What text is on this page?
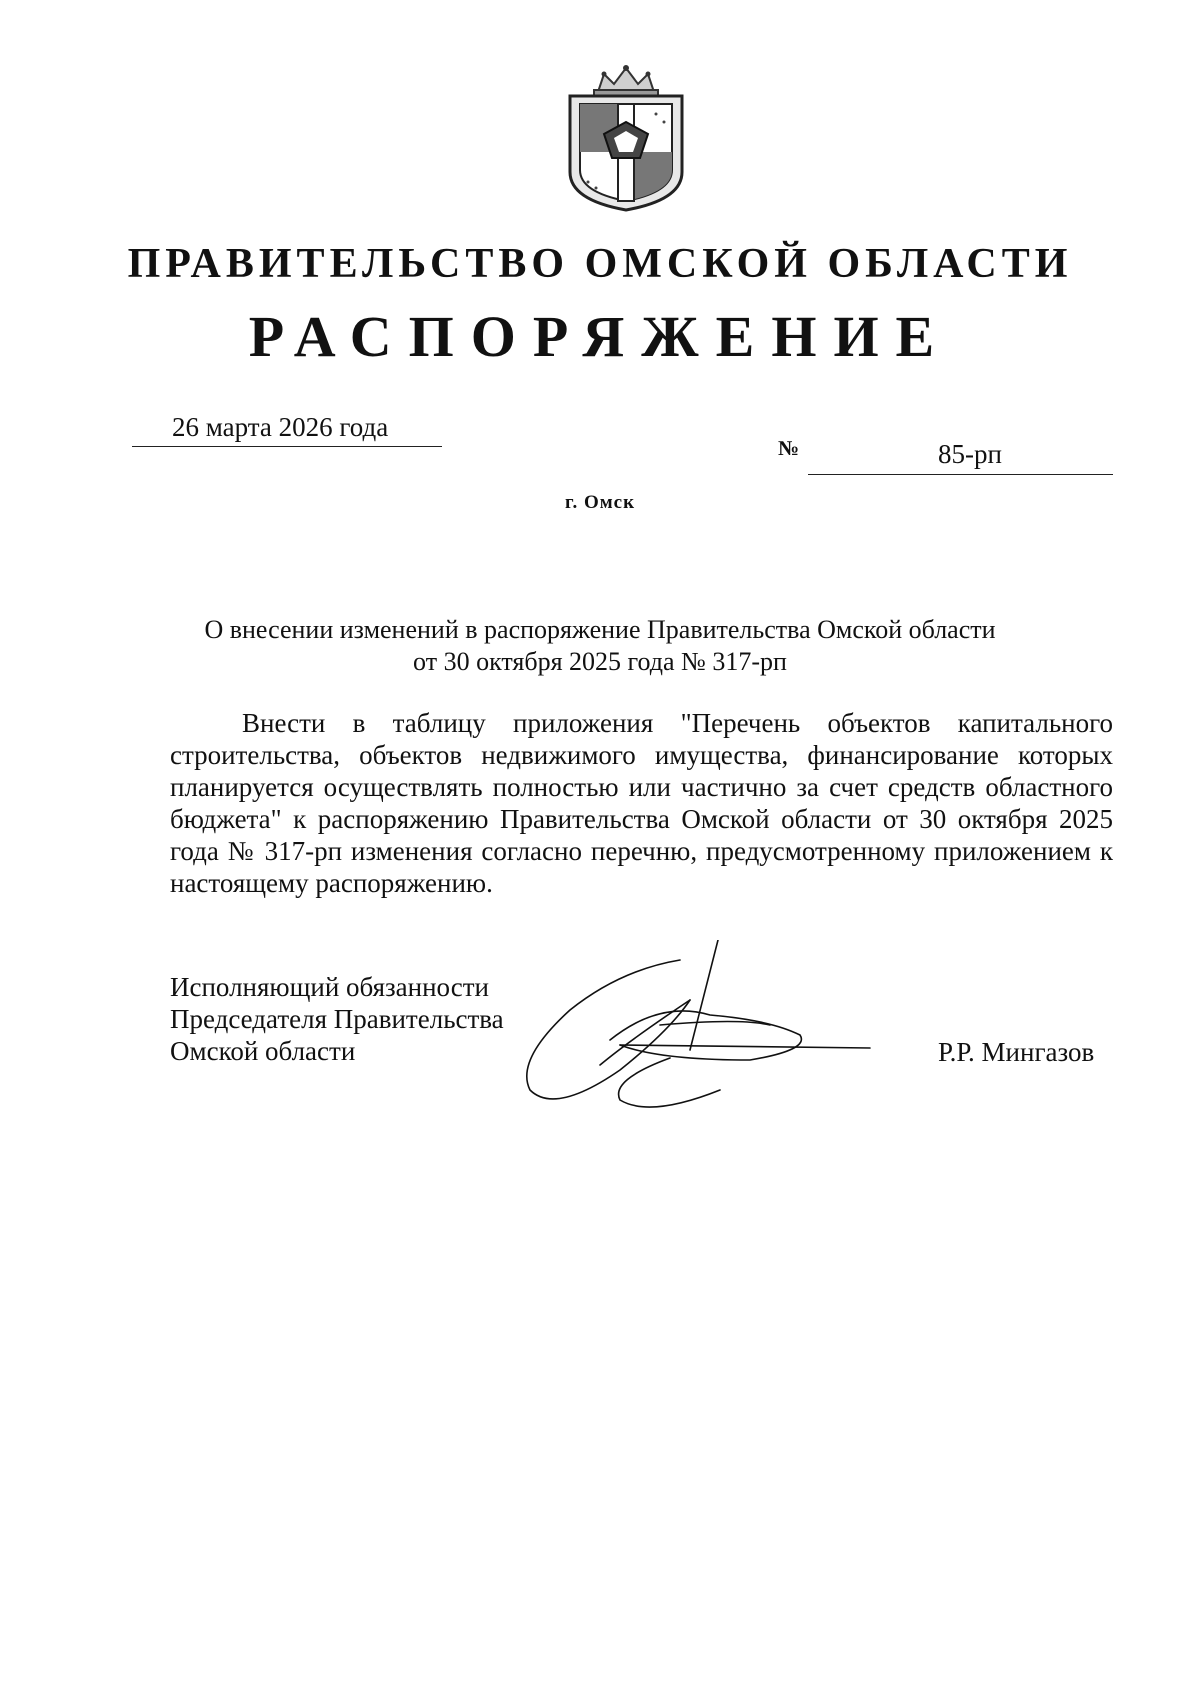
ПРАВИТЕЛЬСТВО ОМСКОЙ ОБЛАСТИ
РАСПОРЯЖЕНИЕ
26 марта 2026 года
№	85-рп
г. Омск
О внесении изменений в распоряжение Правительства Омской области
от 30 октября 2025 года № 317-рп
Внести в таблицу приложения "Перечень объектов капитального строительства, объектов недвижимого имущества, финансирование которых планируется осуществлять полностью или частично за счет средств областного бюджета" к распоряжению Правительства Омской области от 30 октября 2025 года № 317-рп изменения согласно перечню, предусмотренному приложением к настоящему распоряжению.
Исполняющий обязанности
Председателя Правительства
Омской области	Р.Р. Мингазов
